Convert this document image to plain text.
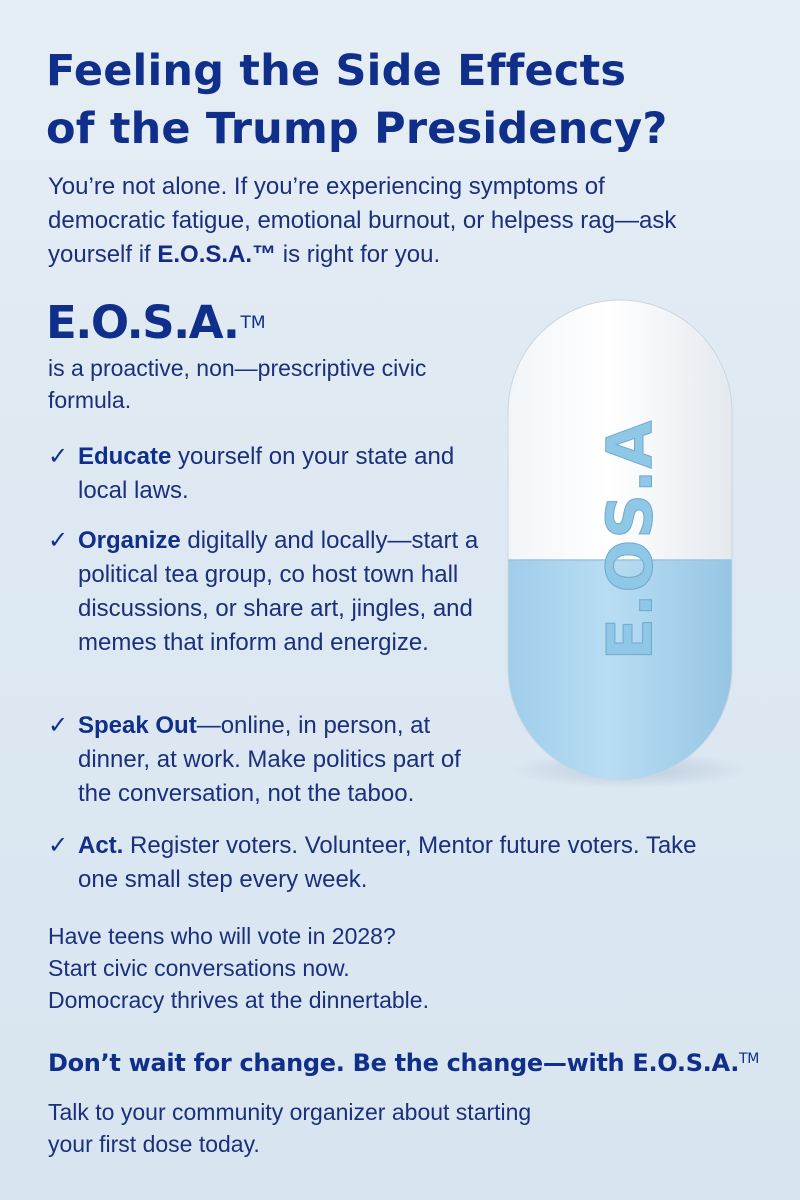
Feeling the Side Effects
of the Trump Presidency?
You’re not alone. If you’re experiencing symptoms of democratic fatigue, emotional burnout, or helpess rag—ask yourself if E.O.S.A.™ is right for you.
E.O.S.A. ™
is a proactive, non—prescriptive civic formula.
✓ Educate yourself on your state and local laws.
✓ Organize digitally and locally—start a political tea group, co host town hall discussions, or share art, jingles, and memes that inform and energize.
✓ Speak Out—online, in person, at dinner, at work. Make politics part of the conversation, not the taboo.
✓ Act. Register voters. Volunteer, Mentor future voters. Take one small step every week.
Have teens who will vote in 2028?
Start civic conversations now.
Domocracy thrives at the dinnertable.
Don’t wait for change. Be the change—with E.O.S.A.™
Talk to your community organizer about starting
your first dose today.
E.OS.A
